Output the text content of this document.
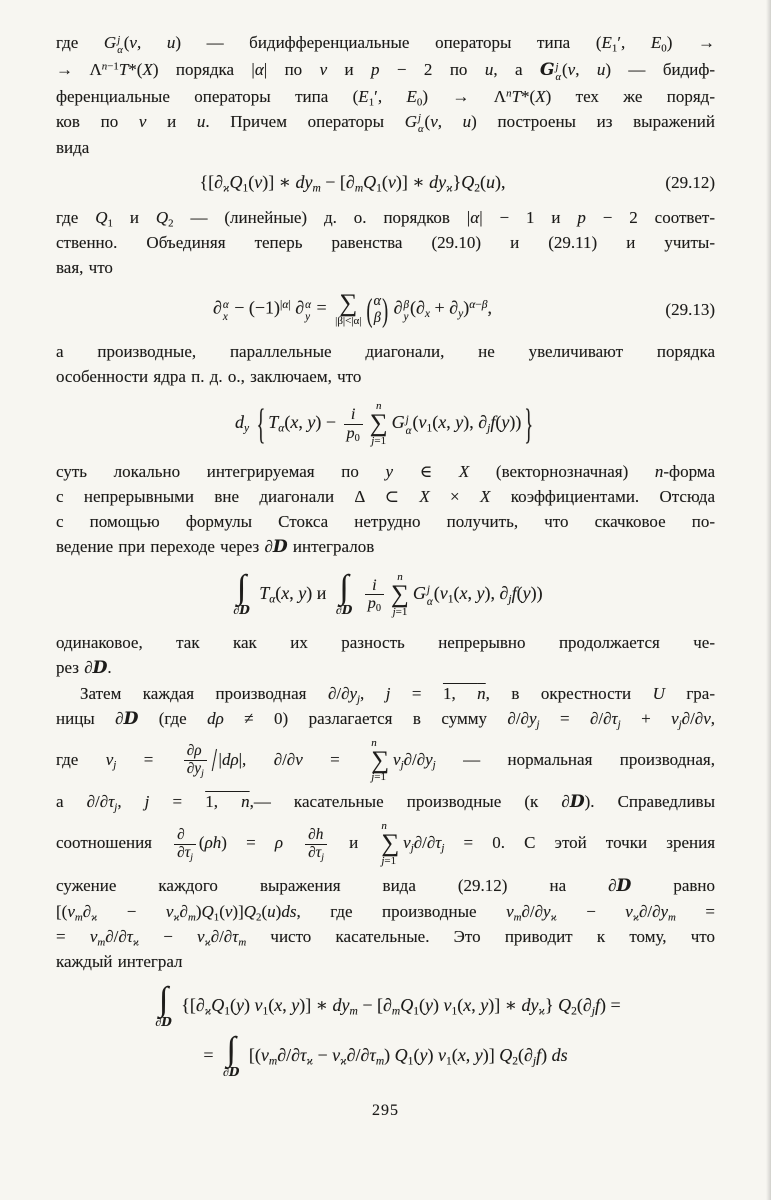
где G j
α (v, u) — бидифференциальные операторы типа ($E_1'$, $E_0$) →
→ $\Lambda^{n-1}T*(X)$ порядка |α| по v и p − 2 по u, а G j
α (v, u) — бидиф-
ференциальные операторы типа ($E_1'$, $E_0) \to \Lambda^nT*(X)$ тех же поряд-
ков по v и u. Причем операторы G j
α (v, u) построены из выражений
вида
{$[\partial_ϰQ_1(v)]$ ∗ $dy_m - [\partial_mQ_1(v)]$ ∗ $dy_ϰ\}Q_2(u)$,	(29.12)
где $Q_1$ и $Q_2$ — (линейные) д. о. порядков |α| − 1 и p − 2 соответ-
ственно. Объединяя теперь равенства (29.10) и (29.11) и учиты-
вая, что
∂ α
$x - (-1)^{|\alpha|}$ ∂ α
y = ∑
|β|<|α| ( α
β ) ∂ β
y $(\partial_x + \partial_y)^{\alpha-\beta}$,	(29.13)
а производные, параллельные диагонали, не увеличивают порядка
особенности ядра п. д. о., заключаем, что
$d_y$ { $T_\alpha(x$, $y) - \frac{i}{p_0}$	n
∑
j=1
G j
α ($v_1(x$, y), $\partial_jf(y)$) }
суть локально интегрируемая по y ∈ X (векторнозначная) n-форма
с непрерывными вне диагонали Δ ⊂ X × X коэффициентами. Отсюда
с помощью формулы Стокса нетрудно получить, что скачковое по-
ведение при переходе через ∂D интегралов
∫
∂D
$T_\alpha(x$, y) и ∫
∂D
$\frac{i}{p_0}$	n
∑
j=1
G j
α ($v_1(x$, y), $\partial_jf(y)$)
одинаковое, так как их разность непрерывно продолжается че-
рез ∂D.
Затем каждая производная $\partial/\partial y_j$, j = 1, n, в окрестности U гра-
ницы ∂D (где dρ ≠ 0) разлагается в сумму $\partial/\partial y_j = \partial/\partial\tau_j + \nu_j\partial/\partial\nu$,
где $\nu_j = \frac{\partial\rho}{\partial y_j} / |d\rho|$, ∂/∂ν =
n
∑
j=1
$\nu_j\partial/\partial y_j$ — нормальная производная,
а $\partial/\partial\tau_j$, j = 1, n,— касательные производные (к ∂D). Справедливы
соотношения $\frac{\partial}{\partial\tau_j} (\rho h) = \rho \frac{\partial h}{\partial\tau_j}$ и
n
∑
j=1
$\nu_j\partial/\partial\tau_j = 0$. С этой точки зрения
сужение каждого выражения вида (29.12) на ∂D равно
$[(\nu_m\partial_ϰ - \nu_ϰ\partial_m)Q_1(v)]Q_2(u)ds$, где производные $\nu_m\partial/\partial y_ϰ - \nu_ϰ\partial/\partial y_m$ =
= $\nu_m\partial/\partial\tau_ϰ - \nu_ϰ\partial/\partial\tau_m$ чисто касательные. Это приводит к тому, что
каждый интеграл
∫
∂D
{[$\partial_ϰQ_1(y)$ $v_1(x$, y)] ∗ $dy_m - [\partial_mQ_1(y)$ $v_1(x$, y)] ∗ $dy_ϰ$} $Q_2(\partial_jf)$ =
= ∫
∂D
[$(\nu_m\partial/\partial\tau_ϰ - \nu_ϰ\partial/\partial\tau_m)$ $Q_1(y)$ $v_1(x$, y)] $Q_2(\partial_jf)$ ds
295
